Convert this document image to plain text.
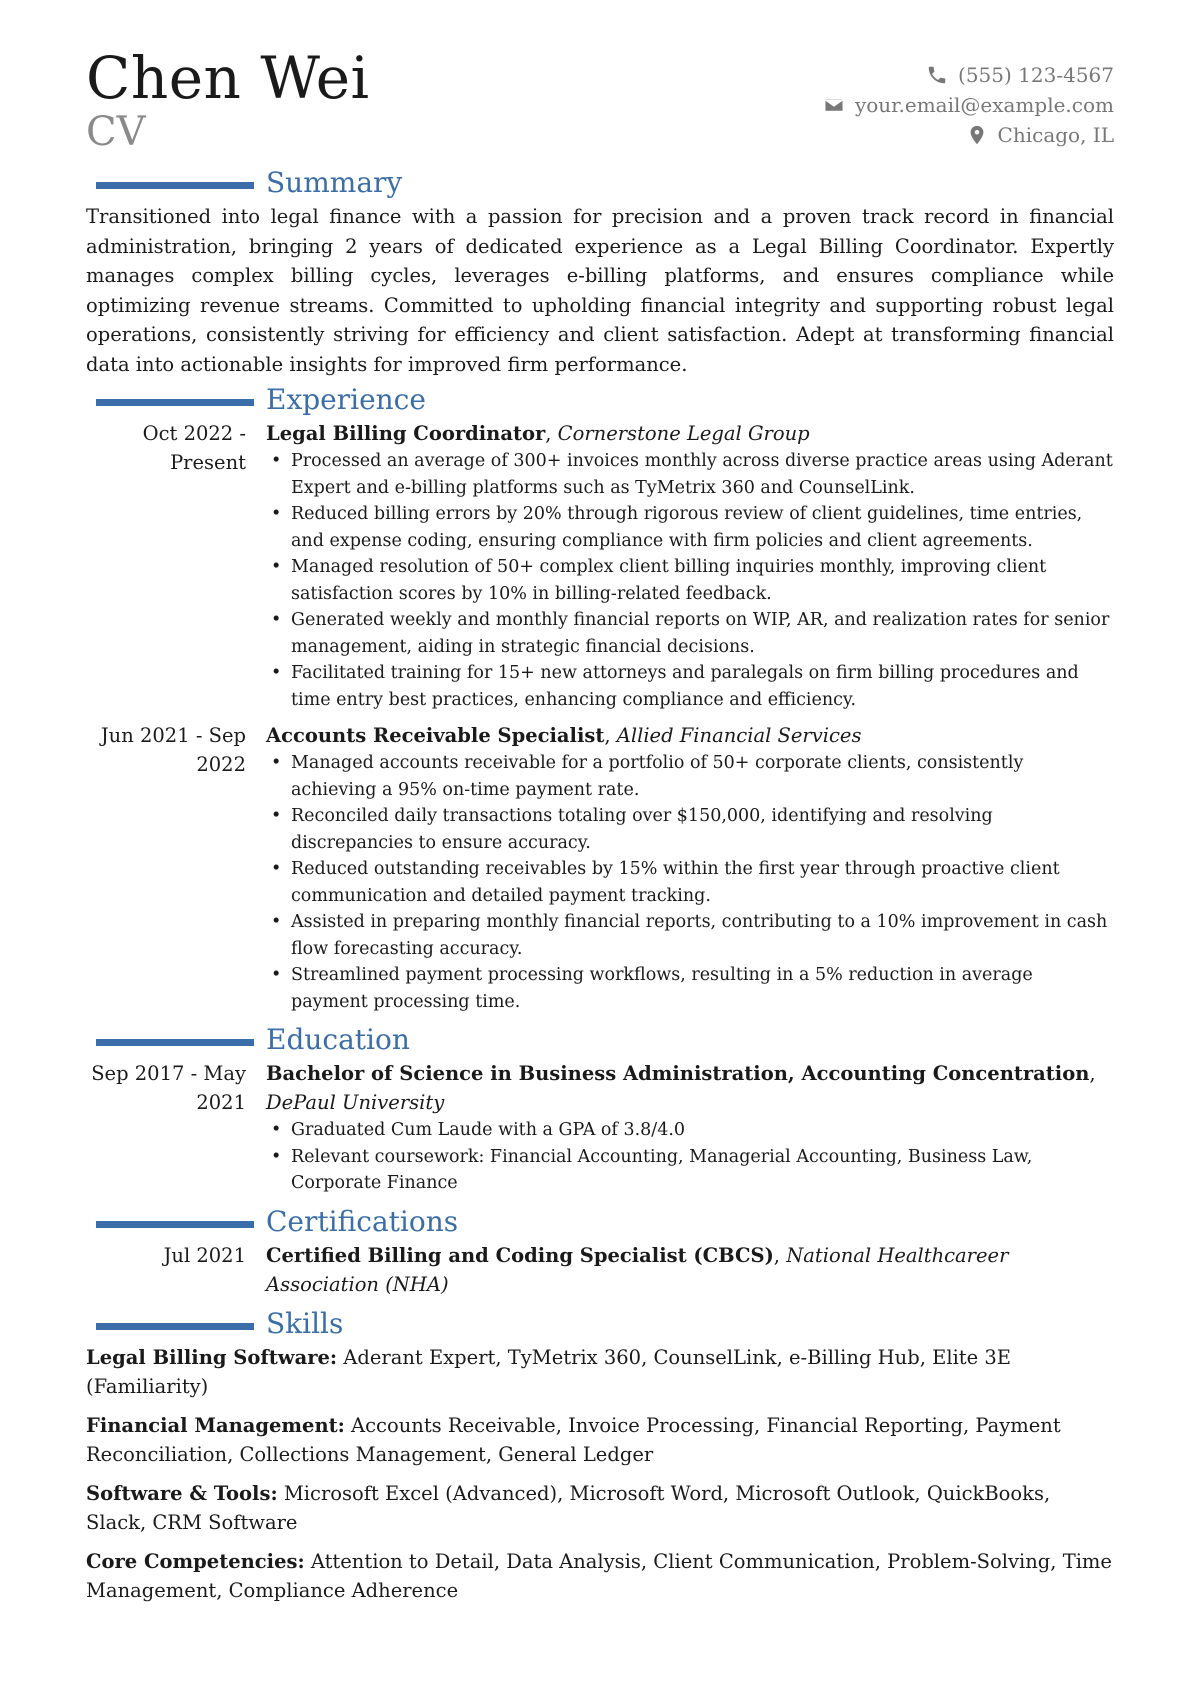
Chen Wei
CV
(555) 123-4567
your.email@example.com
Chicago, IL
Summary

Transitioned into legal finance with a passion for precision and a proven track record in financial administration, bringing 2 years of dedicated experience as a Legal Billing Coordinator. Expertly manages complex billing cycles, leverages e-billing platforms, and ensures compliance while optimizing revenue streams. Committed to upholding financial integrity and supporting robust legal operations, consistently striving for efficiency and client satisfaction. Adept at transforming financial data into actionable insights for improved firm performance.

Experience
Oct 2022 - Present
Legal Billing Coordinator, Cornerstone Legal Group
• Processed an average of 300+ invoices monthly across diverse practice areas using Aderant Expert and e-billing platforms such as TyMetrix 360 and CounselLink.
• Reduced billing errors by 20% through rigorous review of client guidelines, time entries, and expense coding, ensuring compliance with firm policies and client agreements.
• Managed resolution of 50+ complex client billing inquiries monthly, improving client satisfaction scores by 10% in billing-related feedback.
• Generated weekly and monthly financial reports on WIP, AR, and realization rates for senior management, aiding in strategic financial decisions.
• Facilitated training for 15+ new attorneys and paralegals on firm billing procedures and time entry best practices, enhancing compliance and efficiency.
Jun 2021 - Sep 2022
Accounts Receivable Specialist, Allied Financial Services
• Managed accounts receivable for a portfolio of 50+ corporate clients, consistently achieving a 95% on-time payment rate.
• Reconciled daily transactions totaling over $150,000, identifying and resolving discrepancies to ensure accuracy.
• Reduced outstanding receivables by 15% within the first year through proactive client communication and detailed payment tracking.
• Assisted in preparing monthly financial reports, contributing to a 10% improvement in cash flow forecasting accuracy.
• Streamlined payment processing workflows, resulting in a 5% reduction in average payment processing time.
Education
Sep 2017 - May 2021
Bachelor of Science in Business Administration, Accounting Concentration, DePaul University
• Graduated Cum Laude with a GPA of 3.8/4.0
• Relevant coursework: Financial Accounting, Managerial Accounting, Business Law, Corporate Finance
Certifications
Jul 2021	Certified Billing and Coding Specialist (CBCS), National Healthcareer Association (NHA)
Skills

Legal Billing Software: Aderant Expert, TyMetrix 360, CounselLink, e-Billing Hub, Elite 3E (Familiarity)

Financial Management: Accounts Receivable, Invoice Processing, Financial Reporting, Payment Reconciliation, Collections Management, General Ledger

Software & Tools: Microsoft Excel (Advanced), Microsoft Word, Microsoft Outlook, QuickBooks, Slack, CRM Software

Core Competencies: Attention to Detail, Data Analysis, Client Communication, Problem-Solving, Time Management, Compliance Adherence
